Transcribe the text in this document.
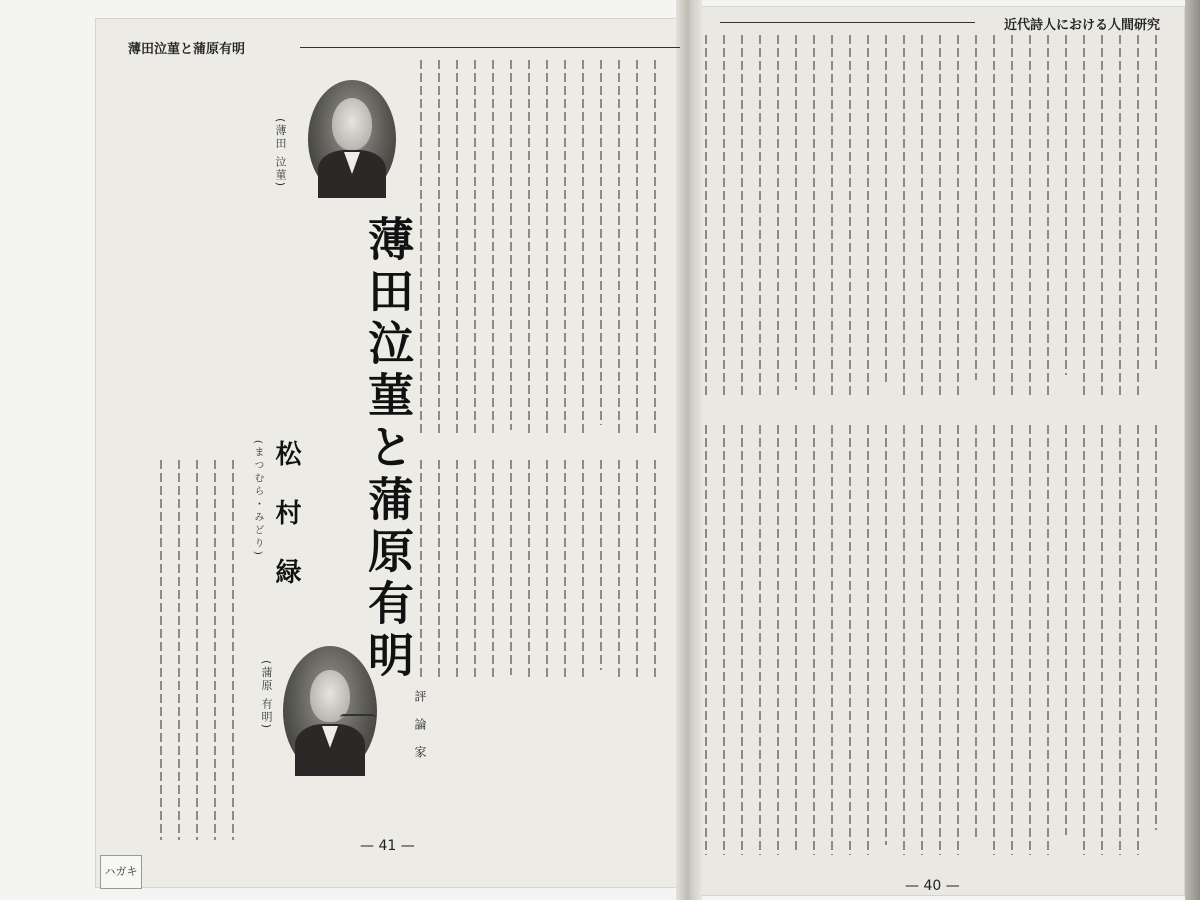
薄田泣菫と蒲原有明
近代詩人における人間研究
(薄田 泣菫)
(蒲原 有明)
薄田泣菫と蒲原有明
松 村 緑
(まつむら・みどり)
評 論 家
— 41 —
— 40 —
ハガキ
